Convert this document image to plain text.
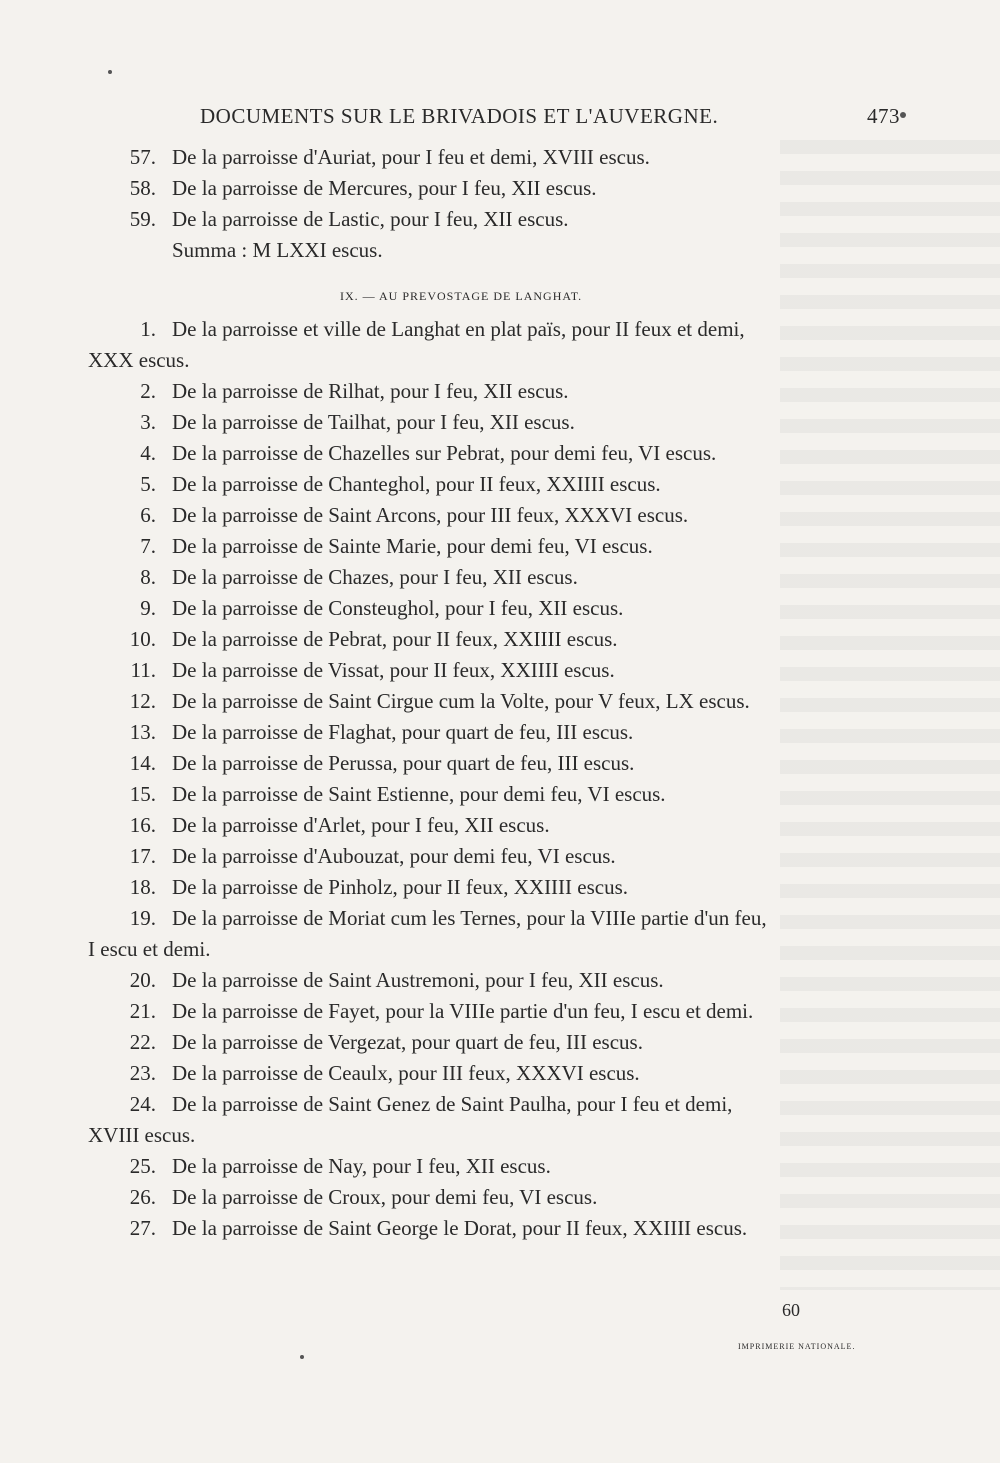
DOCUMENTS SUR LE BRIVADOIS ET L'AUVERGNE.	473
57. De la parroisse d'Auriat, pour I feu et demi, XVIII escus.
58. De la parroisse de Mercures, pour I feu, XII escus.
59. De la parroisse de Lastic, pour I feu, XII escus.
Summa : M LXXI escus.
IX. — AU PREVOSTAGE DE LANGHAT.
1. De la parroisse et ville de Langhat en plat païs, pour II feux et demi,
XXX escus.
2. De la parroisse de Rilhat, pour I feu, XII escus.
3. De la parroisse de Tailhat, pour I feu, XII escus.
4. De la parroisse de Chazelles sur Pebrat, pour demi feu, VI escus.
5. De la parroisse de Chanteghol, pour II feux, XXIIII escus.
6. De la parroisse de Saint Arcons, pour III feux, XXXVI escus.
7. De la parroisse de Sainte Marie, pour demi feu, VI escus.
8. De la parroisse de Chazes, pour I feu, XII escus.
9. De la parroisse de Consteughol, pour I feu, XII escus.
10. De la parroisse de Pebrat, pour II feux, XXIIII escus.
11. De la parroisse de Vissat, pour II feux, XXIIII escus.
12. De la parroisse de Saint Cirgue cum la Volte, pour V feux, LX escus.
13. De la parroisse de Flaghat, pour quart de feu, III escus.
14. De la parroisse de Perussa, pour quart de feu, III escus.
15. De la parroisse de Saint Estienne, pour demi feu, VI escus.
16. De la parroisse d'Arlet, pour I feu, XII escus.
17. De la parroisse d'Aubouzat, pour demi feu, VI escus.
18. De la parroisse de Pinholz, pour II feux, XXIIII escus.
19. De la parroisse de Moriat cum les Ternes, pour la VIIIe partie d'un feu,
I escu et demi.
20. De la parroisse de Saint Austremoni, pour I feu, XII escus.
21. De la parroisse de Fayet, pour la VIIIe partie d'un feu, I escu et demi.
22. De la parroisse de Vergezat, pour quart de feu, III escus.
23. De la parroisse de Ceaulx, pour III feux, XXXVI escus.
24. De la parroisse de Saint Genez de Saint Paulha, pour I feu et demi,
XVIII escus.
25. De la parroisse de Nay, pour I feu, XII escus.
26. De la parroisse de Croux, pour demi feu, VI escus.
27. De la parroisse de Saint George le Dorat, pour II feux, XXIIII escus.
60
IMPRIMERIE NATIONALE.
